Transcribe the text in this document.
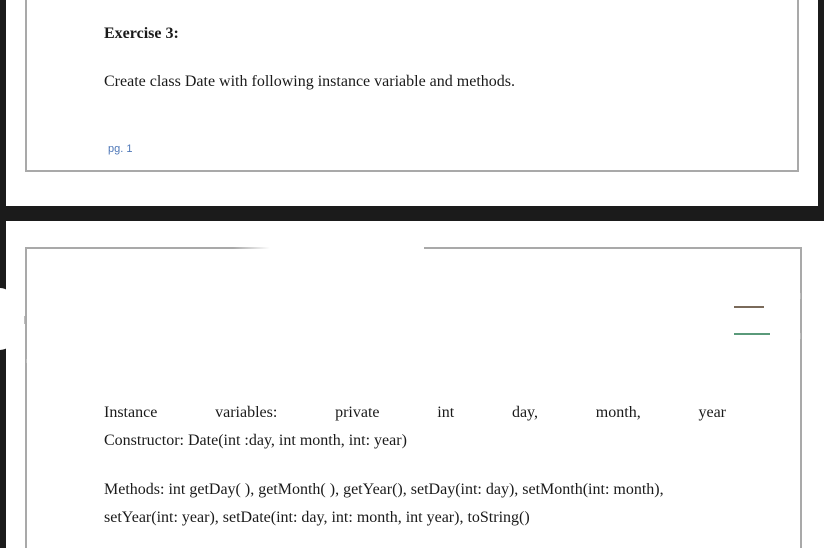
Exercise 3:
Create class Date with following instance variable and methods.
pg. 1
Instance	variables:	private	int	day,	month,	year
Constructor: Date(int :day, int month, int: year)
Methods: int getDay( ), getMonth( ), getYear(), setDay(int: day), setMonth(int: month),
setYear(int: year), setDate(int: day, int: month, int year), toString()
